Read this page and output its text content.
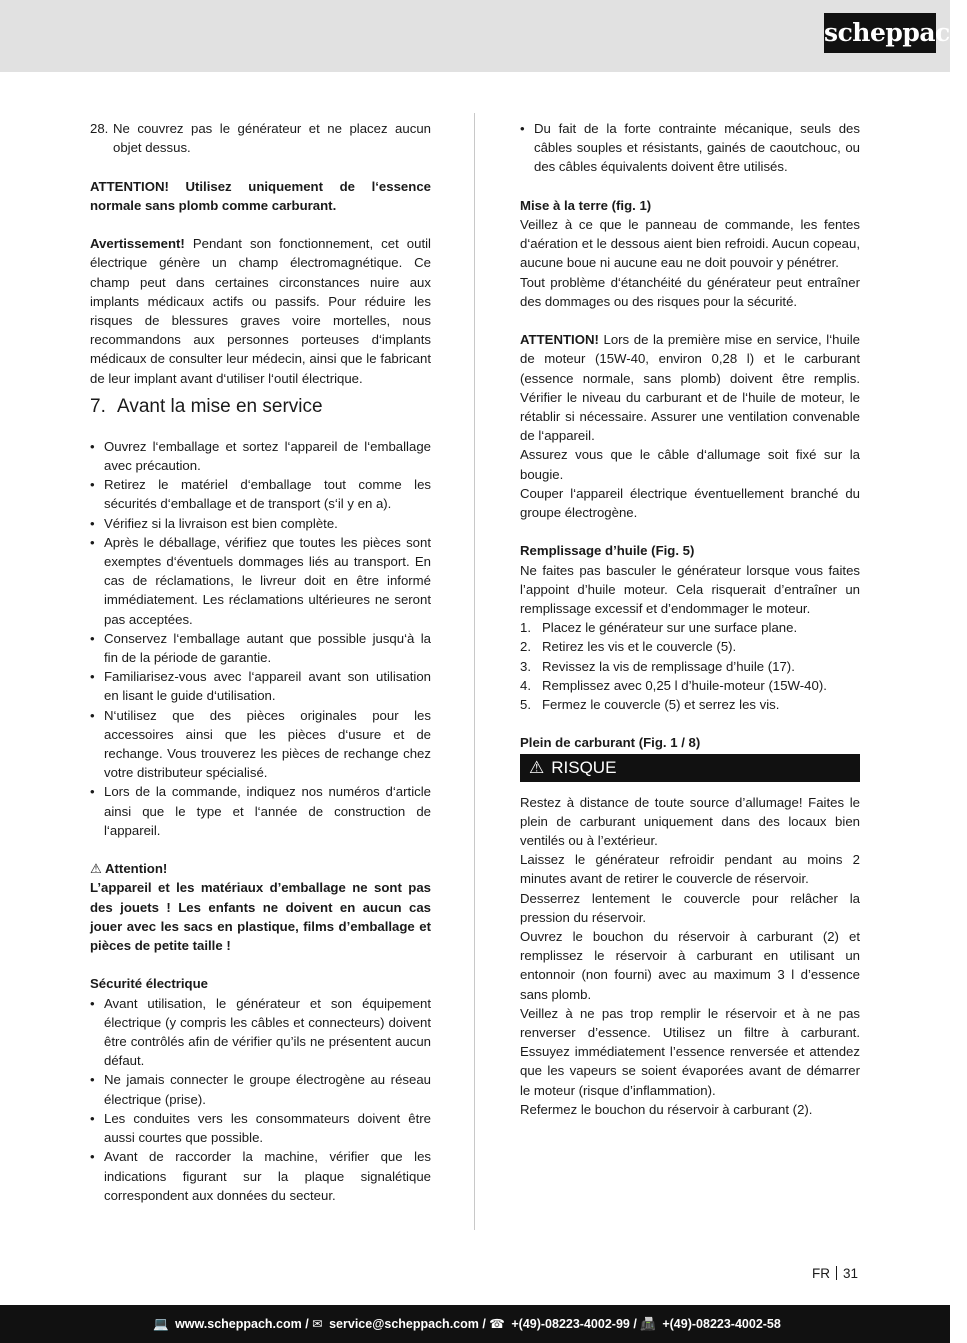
scheppach
28. Ne couvrez pas le générateur et ne placez aucun objet dessus.

ATTENTION! Utilisez uniquement de l‘essence normale sans plomb comme carburant.

Avertissement! Pendant son fonctionnement, cet outil électrique génère un champ électromagnétique. Ce champ peut dans certaines circonstances nuire aux implants médicaux actifs ou passifs. Pour réduire les risques de blessures graves voire mortelles, nous recommandons aux personnes porteuses d‘implants médicaux de consulter leur médecin, ainsi que le fabricant de leur implant avant d‘utiliser l‘outil électrique.

7. Avant la mise en service
• Ouvrez l‘emballage et sortez l‘appareil de l‘emballage avec précaution.
• Retirez le matériel d‘emballage tout comme les sécurités d‘emballage et de transport (s‘il y en a).
• Vérifiez si la livraison est bien complète.
• Après le déballage, vérifiez que toutes les pièces sont exemptes d‘éventuels dommages liés au transport. En cas de réclamations, le livreur doit en être informé immédiatement. Les réclamations ultérieures ne seront pas acceptées.
• Conservez l‘emballage autant que possible jusqu‘à la fin de la période de garantie.
• Familiarisez-vous avec l‘appareil avant son utilisation en lisant le guide d‘utilisation.
• N‘utilisez que des pièces originales pour les accessoires ainsi que les pièces d‘usure et de rechange. Vous trouverez les pièces de rechange chez votre distributeur spécialisé.
• Lors de la commande, indiquez nos numéros d‘article ainsi que le type et l‘année de construction de l‘appareil.

⚠ Attention!

L’appareil et les matériaux d’emballage ne sont pas des jouets ! Les enfants ne doivent en aucun cas jouer avec les sacs en plastique, films d’emballage et pièces de petite taille !

Sécurité électrique

• Avant utilisation, le générateur et son équipement électrique (y compris les câbles et connecteurs) doivent être contrôlés afin de vérifier qu’ils ne présentent aucun défaut.
• Ne jamais connecter le groupe électrogène au réseau électrique (prise).
• Les conduites vers les consommateurs doivent être aussi courtes que possible.
• Avant de raccorder la machine, vérifier que les indications figurant sur la plaque signalétique correspondent aux données du secteur.
• Du fait de la forte contrainte mécanique, seuls des câbles souples et résistants, gainés de caoutchouc, ou des câbles équivalents doivent être utilisés.

Mise à la terre (fig. 1)

Veillez à ce que le panneau de commande, les fentes d‘aération et le dessous aient bien refroidi. Aucun copeau, aucune boue ni aucune eau ne doit pouvoir y pénétrer.

Tout problème d‘étanchéité du générateur peut entraîner des dommages ou des risques pour la sécurité.

ATTENTION! Lors de la première mise en service, l‘huile de moteur (15W-40, environ 0,28 l) et le carburant (essence normale, sans plomb) doivent être remplis. Vérifier le niveau du carburant et de l‘huile de moteur, le rétablir si nécessaire. Assurer une ventilation convenable de l‘appareil.

Assurez vous que le câble d‘allumage soit fixé sur la bougie.

Couper l‘appareil électrique éventuellement branché du groupe électrogène.

Remplissage d’huile (Fig. 5)

Ne faites pas basculer le générateur lorsque vous faites l’appoint d’huile moteur. Cela risquerait d’entraîner un remplissage excessif et d’endommager le moteur.

1. Placez le générateur sur une surface plane.
2. Retirez les vis et le couvercle (5).
3. Revissez la vis de remplissage d’huile (17).
4. Remplissez avec 0,25 l d’huile-moteur (15W-40).
5. Fermez le couvercle (5) et serrez les vis.

Plein de carburant (Fig. 1 / 8)

⚠ RISQUE

Restez à distance de toute source d’allumage! Faites le plein de carburant uniquement dans des locaux bien ventilés ou à l’extérieur.

Laissez le générateur refroidir pendant au moins 2 minutes avant de retirer le couvercle de réservoir.

Desserrez lentement le couvercle pour relâcher la pression du réservoir.

Ouvrez le bouchon du réservoir à carburant (2) et remplissez le réservoir à carburant en utilisant un entonnoir (non fourni) avec au maximum 3 l d’essence sans plomb.

Veillez à ne pas trop remplir le réservoir et à ne pas renverser d’essence. Utilisez un filtre à carburant. Essuyez immédiatement l’essence renversée et attendez que les vapeurs se soient évaporées avant de démarrer le moteur (risque d’inflammation).

Refermez le bouchon du réservoir à carburant (2).

FR 31
💻 www.scheppach.com / ✉ service@scheppach.com / ☎ +(49)-08223-4002-99 / 📠 +(49)-08223-4002-58
